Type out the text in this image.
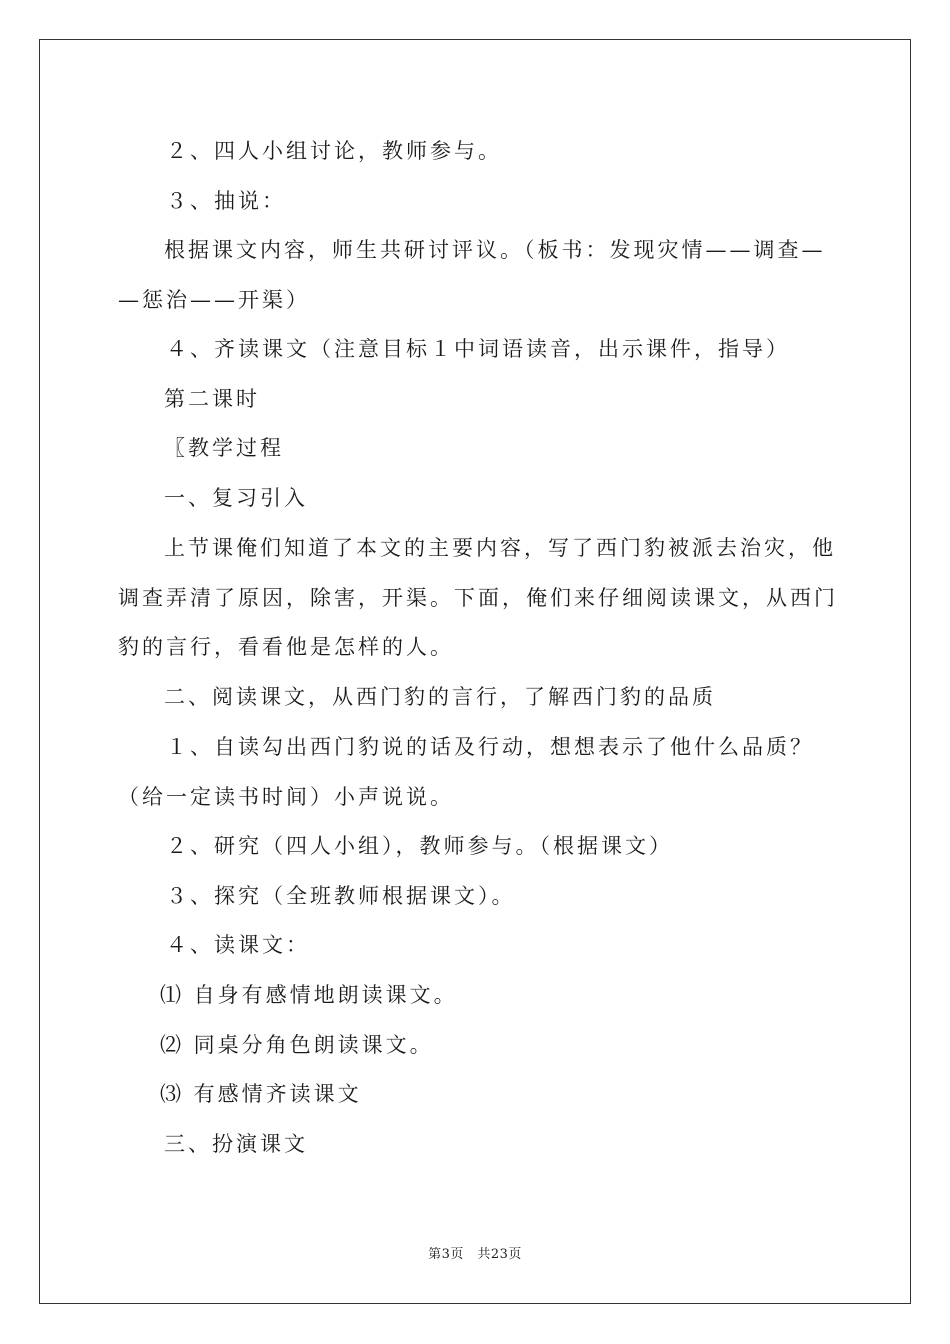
２、四人小组讨论，教师参与。
３、抽说：
根据课文内容，师生共研讨评议。（板书：发现灾情——调查—
—惩治——开渠）
４、齐读课文（注意目标１中词语读音，出示课件，指导）
第二课时
〖教学过程
一、复习引入
上节课俺们知道了本文的主要内容，写了西门豹被派去治灾，他
调查弄清了原因，除害，开渠。下面，俺们来仔细阅读课文，从西门
豹的言行，看看他是怎样的人。
二、阅读课文，从西门豹的言行，了解西门豹的品质
１、自读勾出西门豹说的话及行动，想想表示了他什么品质？
（给一定读书时间）小声说说。
２、研究（四人小组），教师参与。（根据课文）
３、探究（全班教师根据课文）。
４、读课文：
⑴ 自身有感情地朗读课文。
⑵ 同桌分角色朗读课文。
⑶ 有感情齐读课文
三、扮演课文
第3页　共23页
